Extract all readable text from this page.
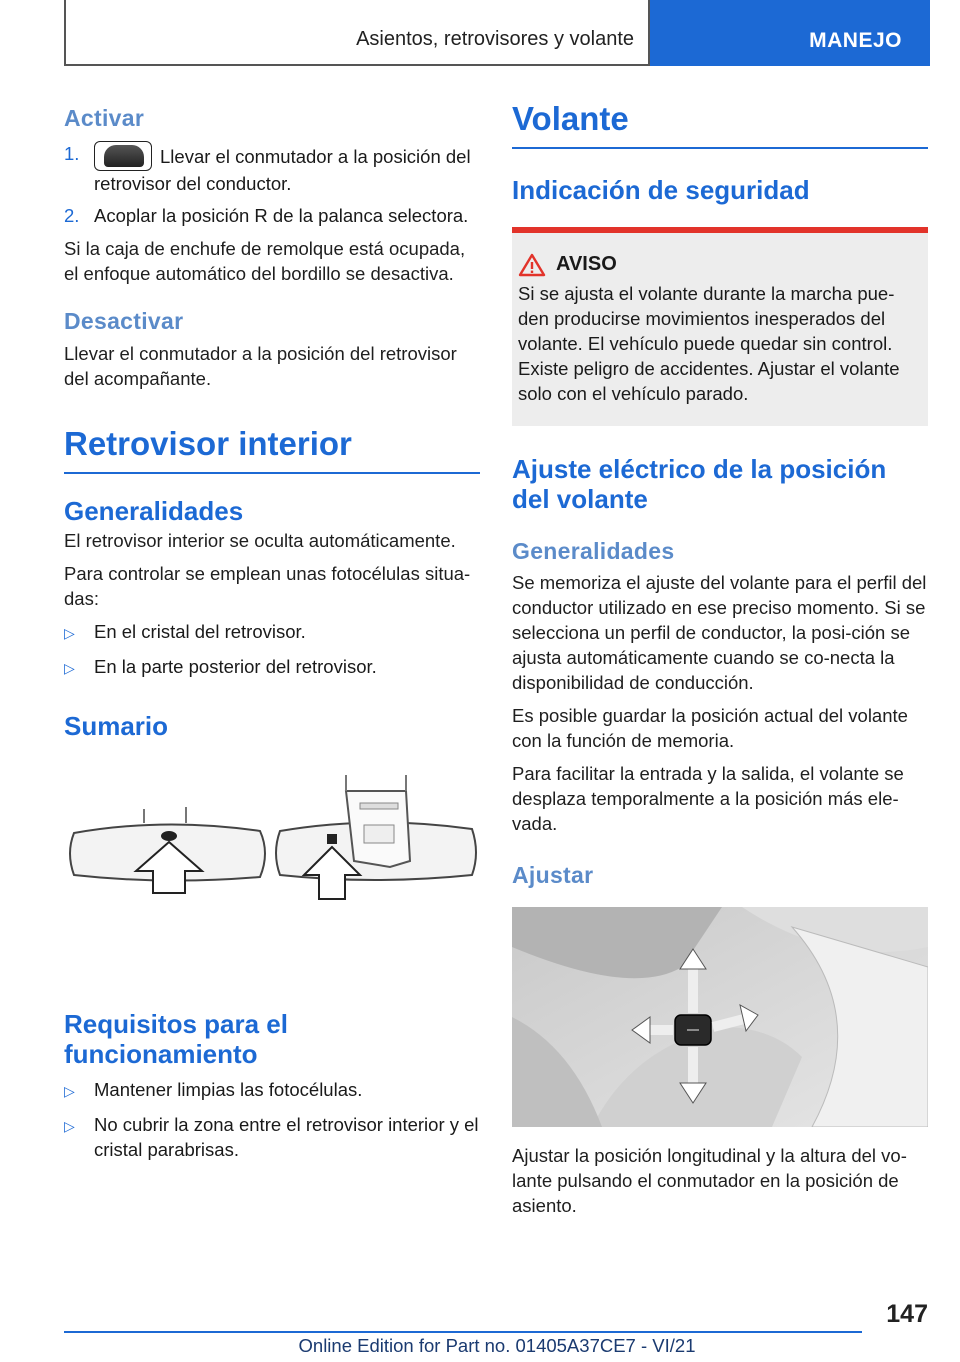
Asientos, retrovisores y volante	MANEJO
Activar
1.	Llevar el conmutador a la posición del retrovisor del conductor.
2. Acoplar la posición R de la palanca selectora.

Si la caja de enchufe de remolque está ocupada, el enfoque automático del bordillo se desactiva.

Desactivar

Llevar el conmutador a la posición del retrovisor del acompañante.

Retrovisor interior
Generalidades

El retrovisor interior se oculta automáticamente.

Para controlar se emplean unas fotocélulas situa-das:

▷	En el cristal del retrovisor.
▷	En la parte posterior del retrovisor.
Sumario
Requisitos para el funcionamiento
▷	Mantener limpias las fotocélulas.
▷	No cubrir la zona entre el retrovisor interior y el cristal parabrisas.
Volante
Indicación de seguridad
AVISO

Si se ajusta el volante durante la marcha pue-den producirse movimientos inesperados del volante. El vehículo puede quedar sin control. Existe peligro de accidentes. Ajustar el volante solo con el vehículo parado.

Ajuste eléctrico de la posición del volante
Generalidades

Se memoriza el ajuste del volante para el perfil del conductor utilizado en ese preciso momento. Si se selecciona un perfil de conductor, la posi-ción se ajusta automáticamente cuando se co-necta la disponibilidad de conducción.

Es posible guardar la posición actual del volante con la función de memoria.

Para facilitar la entrada y la salida, el volante se desplaza temporalmente a la posición más ele-vada.

Ajustar

Ajustar la posición longitudinal y la altura del vo-lante pulsando el conmutador en la posición de asiento.

147
Online Edition for Part no. 01405A37CE7 - VI/21
